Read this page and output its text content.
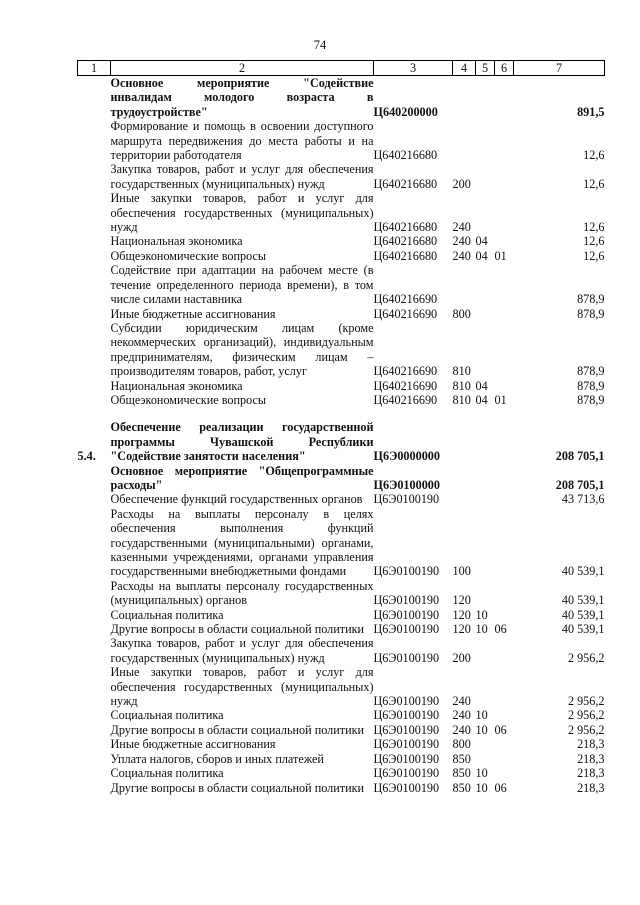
74
1	2	3	4	5	6	7
	Основное мероприятие "Содействие инвалидам молодого возраста в трудоустройстве"	Ц640200000				891,5
	Формирование и помощь в освоении доступного маршрута передвижения до места работы и на территории работодателя	Ц640216680				12,6
	Закупка товаров, работ и услуг для обеспечения государственных (муниципальных) нужд	Ц640216680	200			12,6
	Иные закупки товаров, работ и услуг для обеспечения государственных (муниципальных) нужд	Ц640216680	240			12,6
	Национальная экономика	Ц640216680	240	04		12,6
	Общеэкономические вопросы	Ц640216680	240	04	01	12,6
	Содействие при адаптации на рабочем месте (в течение определенного периода времени), в том числе силами наставника	Ц640216690				878,9
	Иные бюджетные ассигнования	Ц640216690	800			878,9
	Субсидии юридическим лицам (кроме некоммерческих организаций), индивидуальным предпринимателям, физическим лицам – производителям товаров, работ, услуг	Ц640216690	810			878,9
	Национальная экономика	Ц640216690	810	04		878,9
	Общеэкономические вопросы	Ц640216690	810	04	01	878,9

5.4.	Обеспечение реализации государственной программы Чувашской Республики "Содействие занятости населения"	Ц6Э0000000				208 705,1
	Основное мероприятие "Общепрограммные расходы"	Ц6Э0100000				208 705,1
	Обеспечение функций государственных органов	Ц6Э0100190				43 713,6
	Расходы на выплаты персоналу в целях обеспечения выполнения функций государственными (муниципальными) органами, казенными учреждениями, органами управления государственными внебюджетными фондами	Ц6Э0100190	100			40 539,1
	Расходы на выплаты персоналу государственных (муниципальных) органов	Ц6Э0100190	120			40 539,1
	Социальная политика	Ц6Э0100190	120	10		40 539,1
	Другие вопросы в области социальной политики	Ц6Э0100190	120	10	06	40 539,1
	Закупка товаров, работ и услуг для обеспечения государственных (муниципальных) нужд	Ц6Э0100190	200			2 956,2
	Иные закупки товаров, работ и услуг для обеспечения государственных (муниципальных) нужд	Ц6Э0100190	240			2 956,2
	Социальная политика	Ц6Э0100190	240	10		2 956,2
	Другие вопросы в области социальной политики	Ц6Э0100190	240	10	06	2 956,2
	Иные бюджетные ассигнования	Ц6Э0100190	800			218,3
	Уплата налогов, сборов и иных платежей	Ц6Э0100190	850			218,3
	Социальная политика	Ц6Э0100190	850	10		218,3
	Другие вопросы в области социальной политики	Ц6Э0100190	850	10	06	218,3
